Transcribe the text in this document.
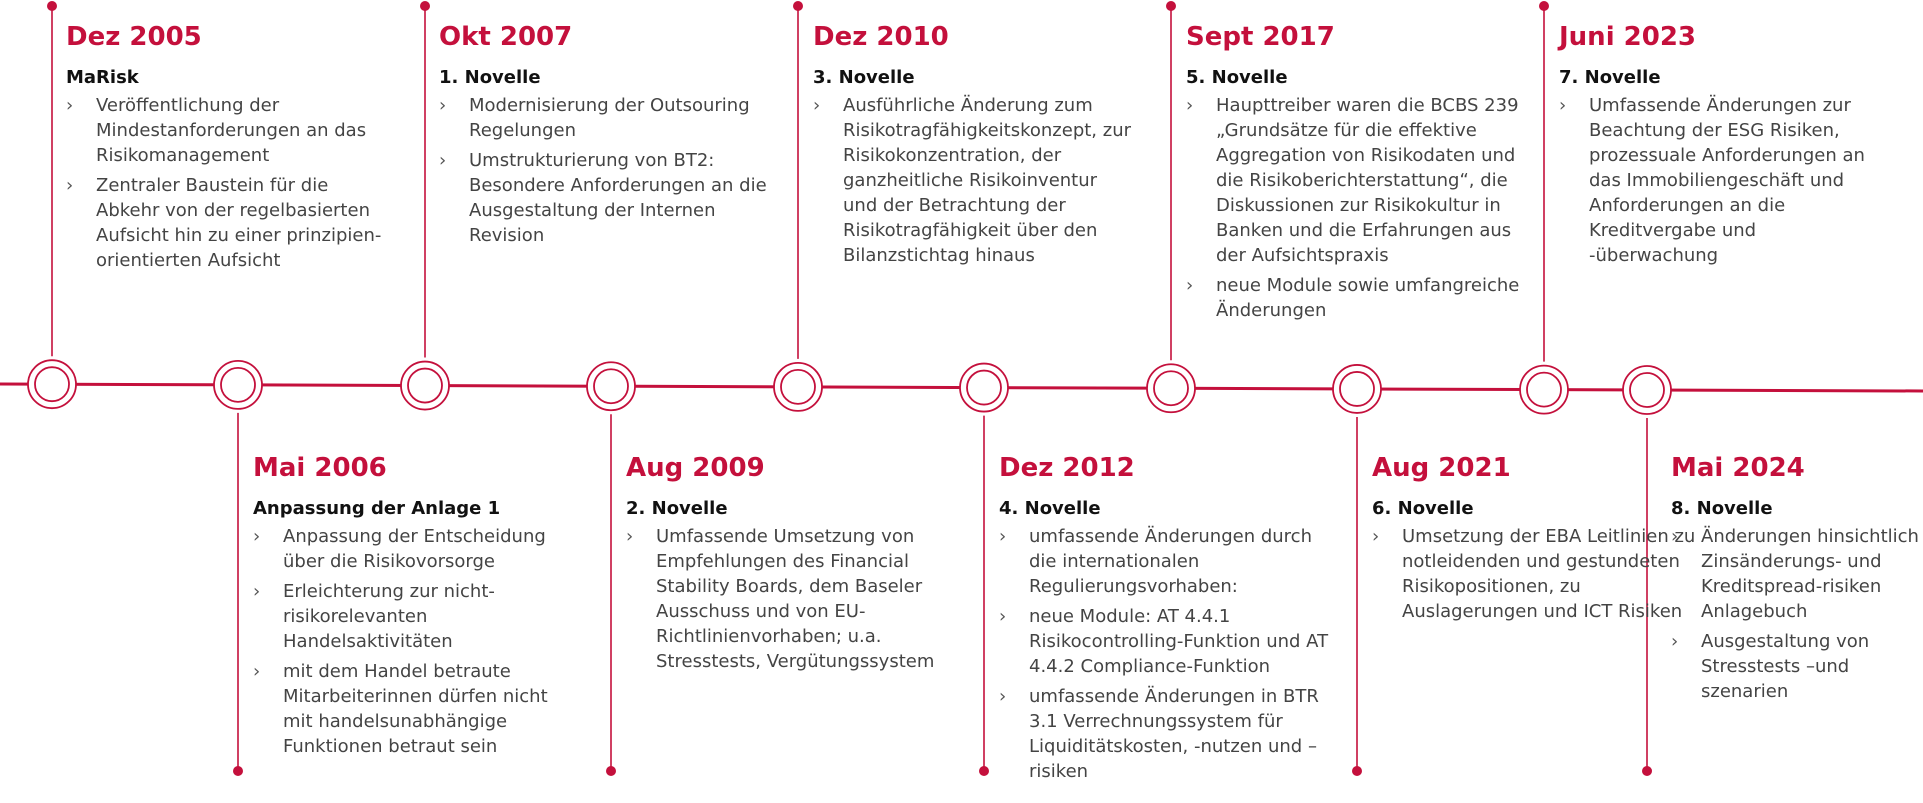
Dez 2005
MaRisk
› Veröffentlichung der Mindestanforderungen an das Risikomanagement
› Zentraler Baustein für die Abkehr von der regelbasierten Aufsicht hin zu einer prinzipien-orientierten Aufsicht
Mai 2006
Anpassung der Anlage 1
› Anpassung der Entscheidung über die Risikovorsorge
› Erleichterung zur nicht-risikorelevanten Handelsaktivitäten
› mit dem Handel betraute Mitarbeiterinnen dürfen nicht mit handelsunabhängige Funktionen betraut sein
Okt 2007
1. Novelle
› Modernisierung der Outsouring Regelungen
› Umstrukturierung von BT2: Besondere Anforderungen an die Ausgestaltung der Internen Revision
Aug 2009
2. Novelle
› Umfassende Umsetzung von Empfehlungen des Financial Stability Boards, dem Baseler Ausschuss und von EU-Richtlinienvorhaben; u.a. Stresstests, Vergütungssystem
Dez 2010
3. Novelle
› Ausführliche Änderung zum Risikotragfähigkeitskonzept, zur Risikokonzentration, der ganzheitliche Risikoinventur und der Betrachtung der Risikotragfähigkeit über den Bilanzstichtag hinaus
Dez 2012
4. Novelle
› umfassende Änderungen durch die internationalen Regulierungsvorhaben:
› neue Module: AT 4.4.1 Risikocontrolling-Funktion und AT 4.4.2 Compliance-Funktion
› umfassende Änderungen in BTR 3.1 Verrechnungssystem für Liquiditätskosten, -nutzen und –risiken
Sept 2017
5. Novelle
› Haupttreiber waren die BCBS 239 „Grundsätze für die effektive Aggregation von Risikodaten und die Risikoberichterstattung“, die Diskussionen zur Risikokultur in Banken und die Erfahrungen aus der Aufsichtspraxis
› neue Module sowie umfangreiche Änderungen
Aug 2021
6. Novelle
› Umsetzung der EBA Leitlinien zu notleidenden und gestundeten Risikopositionen, zu Auslagerungen und ICT Risiken
Juni 2023
7. Novelle
› Umfassende Änderungen zur Beachtung der ESG Risiken, prozessuale Anforderungen an das Immobiliengeschäft und Anforderungen an die Kreditvergabe und -überwachung
Mai 2024
8. Novelle
› Änderungen hinsichtlich Zinsänderungs- und Kreditspread-risiken Anlagebuch
› Ausgestaltung von Stresstests –und szenarien
